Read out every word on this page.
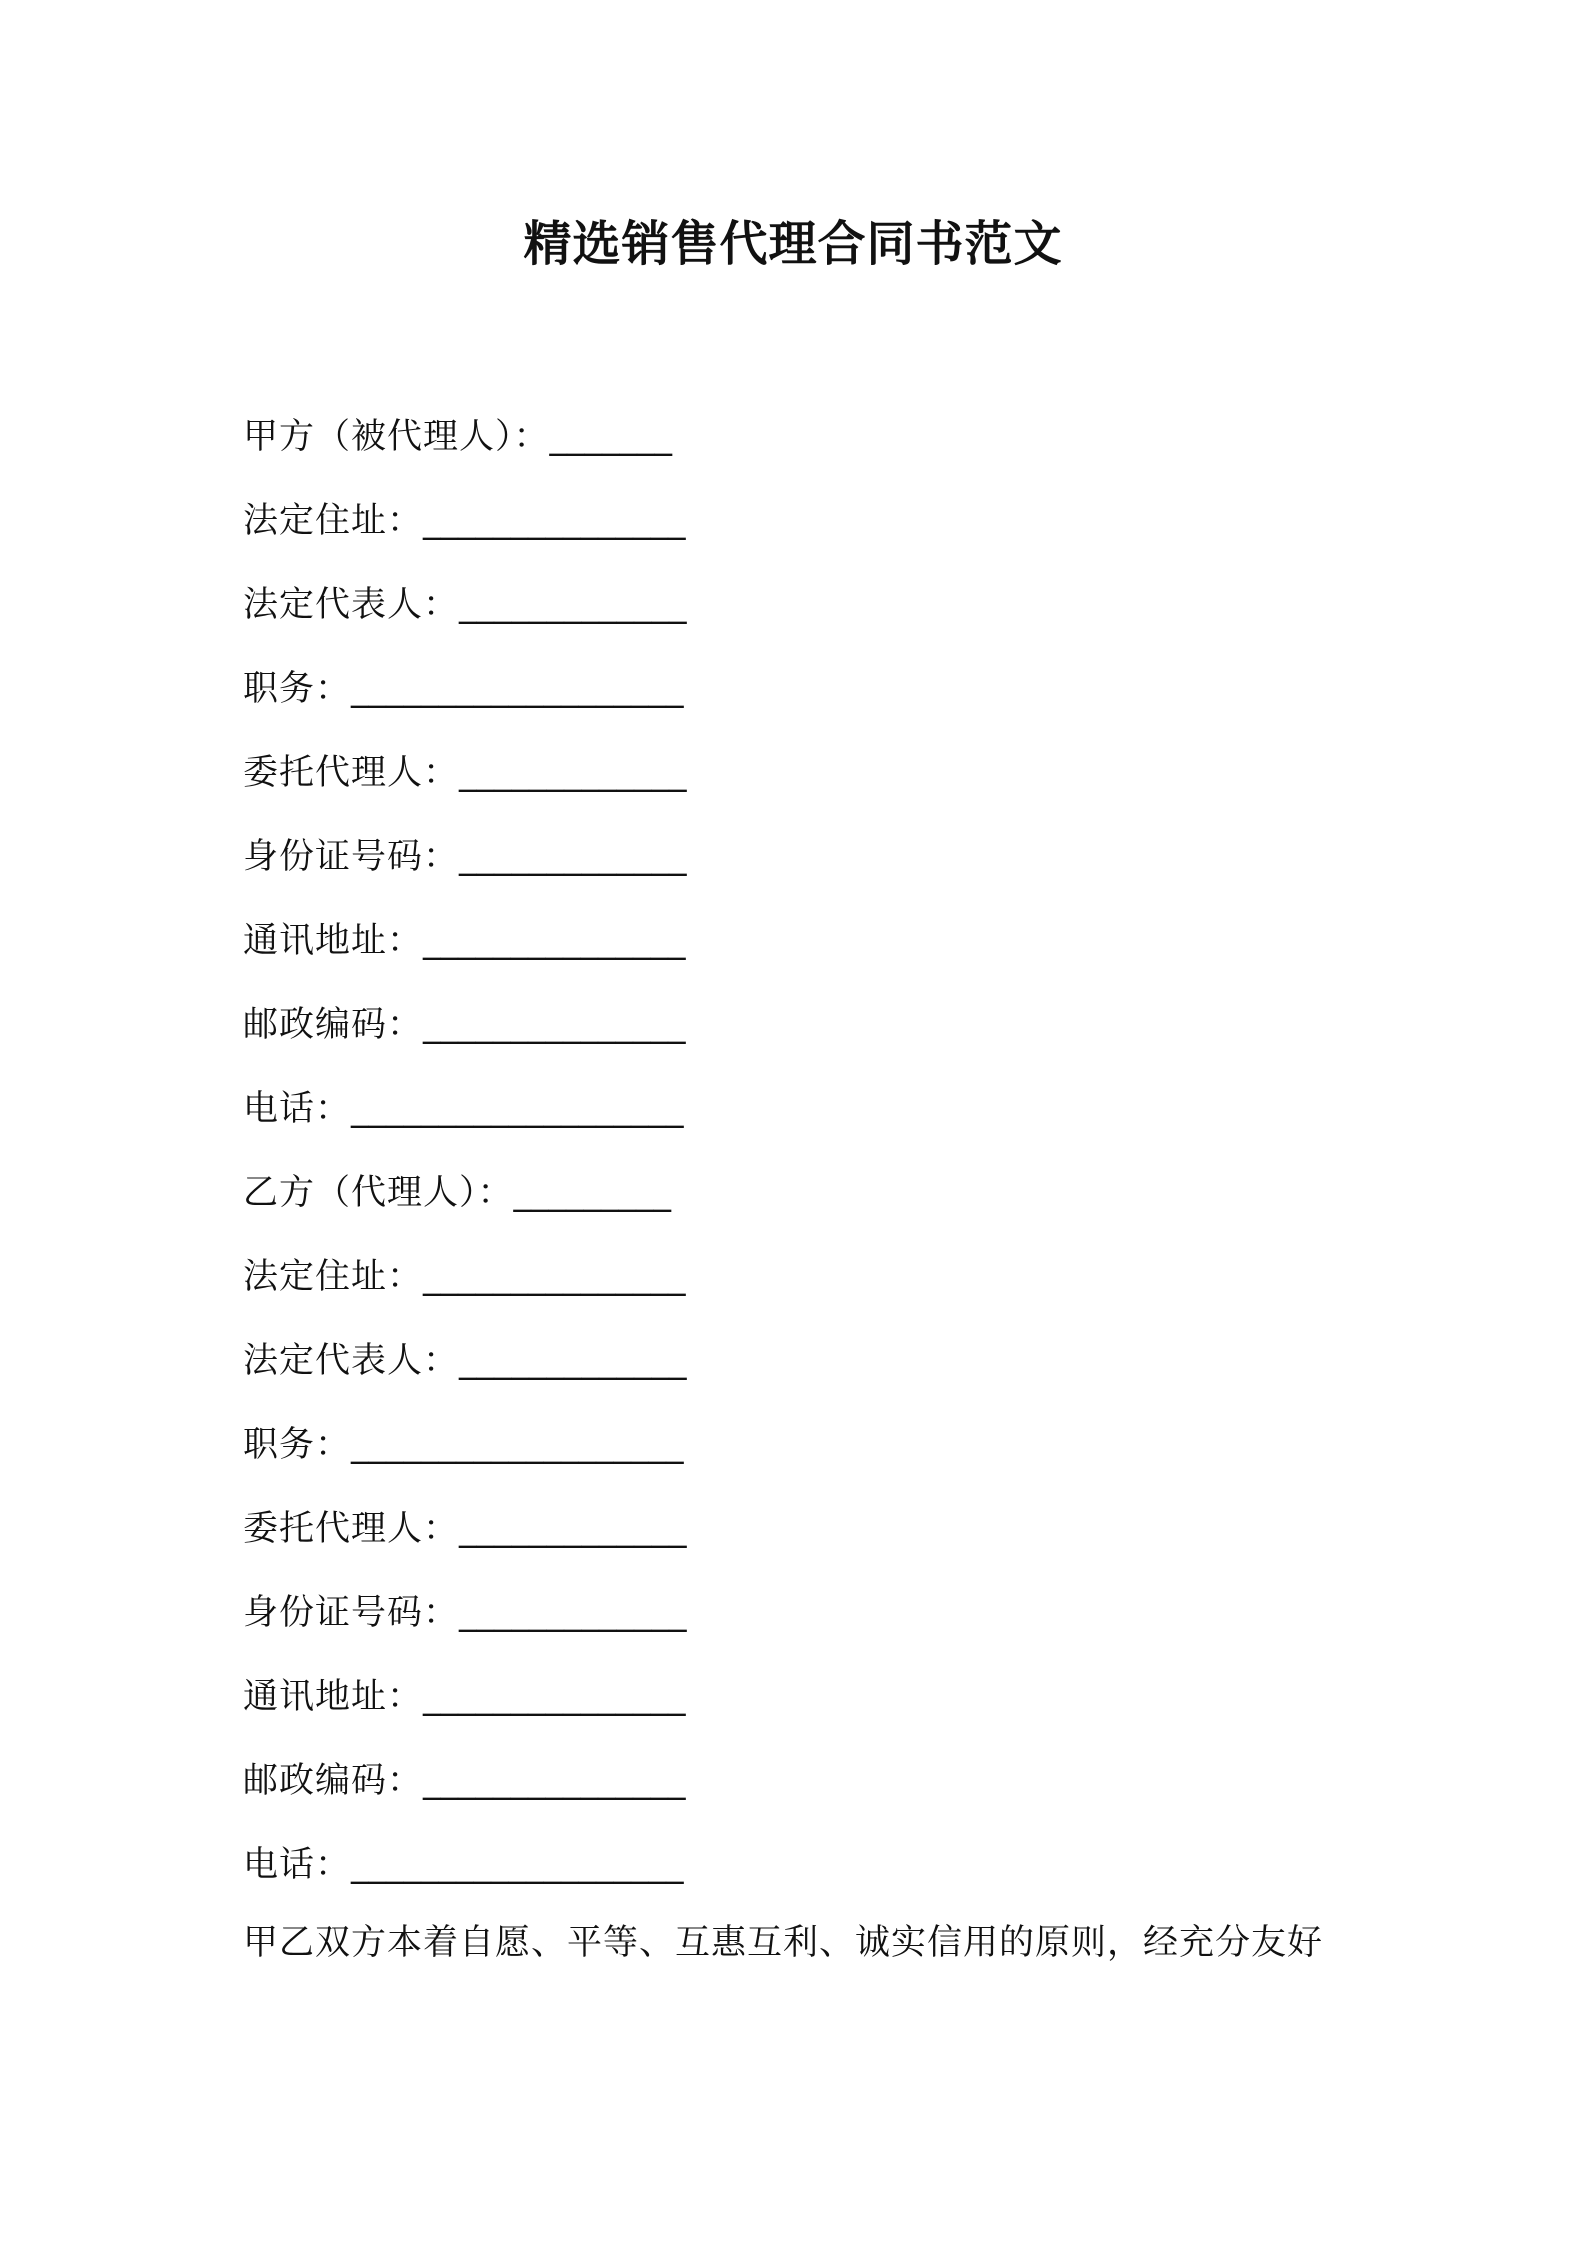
精选销售代理合同书范文
甲方（被代理人）：_______
法定住址：_______________
法定代表人：_____________
职务：___________________
委托代理人：_____________
身份证号码：_____________
通讯地址：_______________
邮政编码：_______________
电话：___________________
乙方（代理人）：_________
法定住址：_______________
法定代表人：_____________
职务：___________________
委托代理人：_____________
身份证号码：_____________
通讯地址：_______________
邮政编码：_______________
电话：___________________
甲乙双方本着自愿、平等、互惠互利、诚实信用的原则，经充分友好
